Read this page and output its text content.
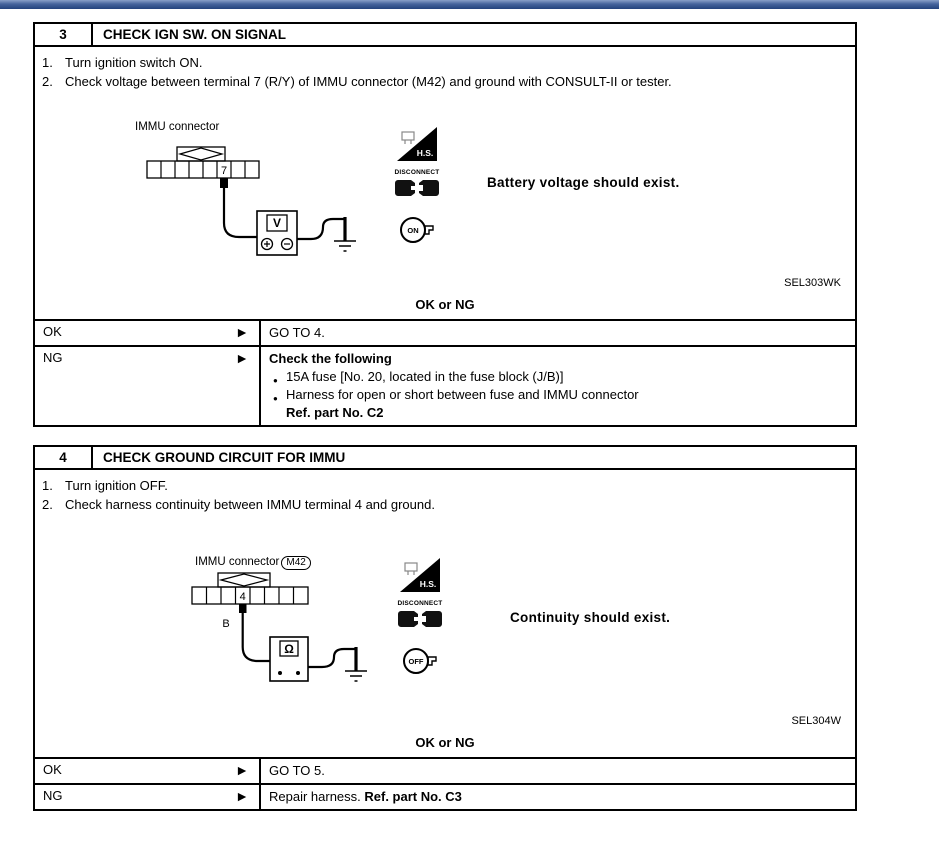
3	CHECK IGN SW. ON SIGNAL
1. Turn ignition switch ON.
2. Check voltage between terminal 7 (R/Y) of IMMU connector (M42) and ground with CONSULT-II or tester.
IMMU connector
7
V
H.S.
DISCONNECT
ON
Battery voltage should exist.
SEL303WK
OK or NG
OK ►	GO TO 4.
NG ►	Check the following
● 15A fuse [No. 20, located in the fuse block (J/B)]
● Harness for open or short between fuse and IMMU connector
Ref. part No. C2
4	CHECK GROUND CIRCUIT FOR IMMU
1. Turn ignition OFF.
2. Check harness continuity between IMMU terminal 4 and ground.
IMMU connector M42
4
B
Ω
H.S.
DISCONNECT
OFF
Continuity should exist.
SEL304W
OK or NG
OK ►	GO TO 5.
NG ►	Repair harness. Ref. part No. C3
